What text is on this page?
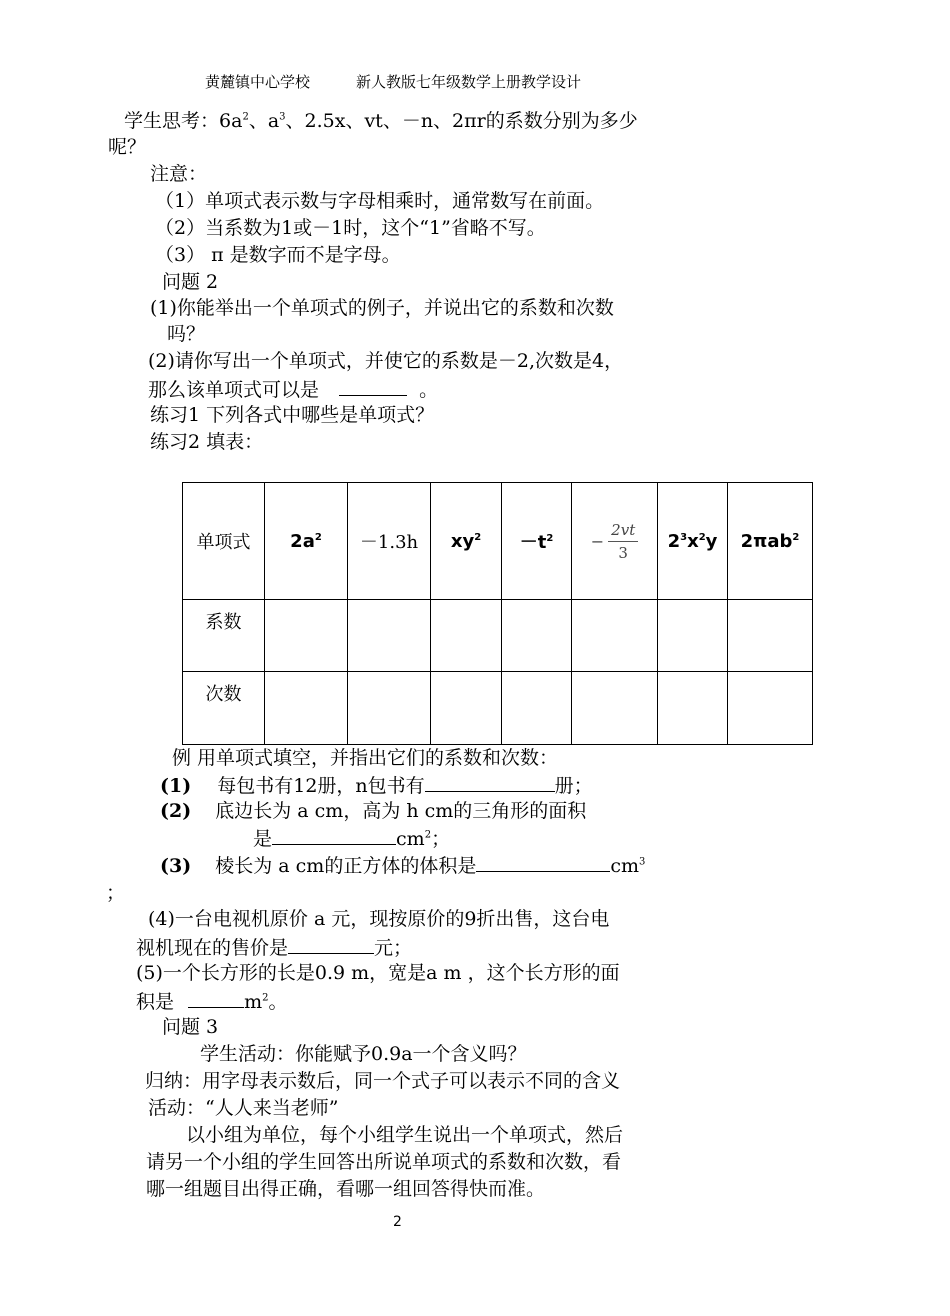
黄麓镇中心学校	新人教版七年级数学上册教学设计
学生思考：$6a^2$、$a^3$、2.5x、vt、－n、2πr的系数分别为多少
呢？
注意：
（1）单项式表示数与字母相乘时，通常数写在前面。
（2）当系数为1或－1时，这个“1”省略不写。
（3） π 是数字而不是字母。
问题 2
(1)你能举出一个单项式的例子，并说出它的系数和次数
吗？
(2)请你写出一个单项式，并使它的系数是－2,次数是4，
那么该单项式可以是	。
练习1 下列各式中哪些是单项式？
练习2 填表：
单项式	$2a^2$	－1.3h	$xy^2$	$-t^2$	− $\frac{2vt}{3}$	$2^3x^2y$	2πab$^2$
系数							
次数							
例 用单项式填空，并指出它们的系数和次数：
(1) 每包书有12册，n包书有	册；
(2) 底边长为 a cm，高为 h cm的三角形的面积
是	$cm^2$；
(3) 棱长为 a cm的正方体的体积是	$cm^3$
；
(4)一台电视机原价 a 元，现按原价的9折出售，这台电
视机现在的售价是	元；
(5)一个长方形的长是0.9 m，宽是a m ，这个长方形的面
积是	$m^2$。
问题 3
学生活动：你能赋予0.9a一个含义吗？
归纳：用字母表示数后，同一个式子可以表示不同的含义
活动：“人人来当老师”
以小组为单位，每个小组学生说出一个单项式，然后
请另一个小组的学生回答出所说单项式的系数和次数，看
哪一组题目出得正确，看哪一组回答得快而准。
2
